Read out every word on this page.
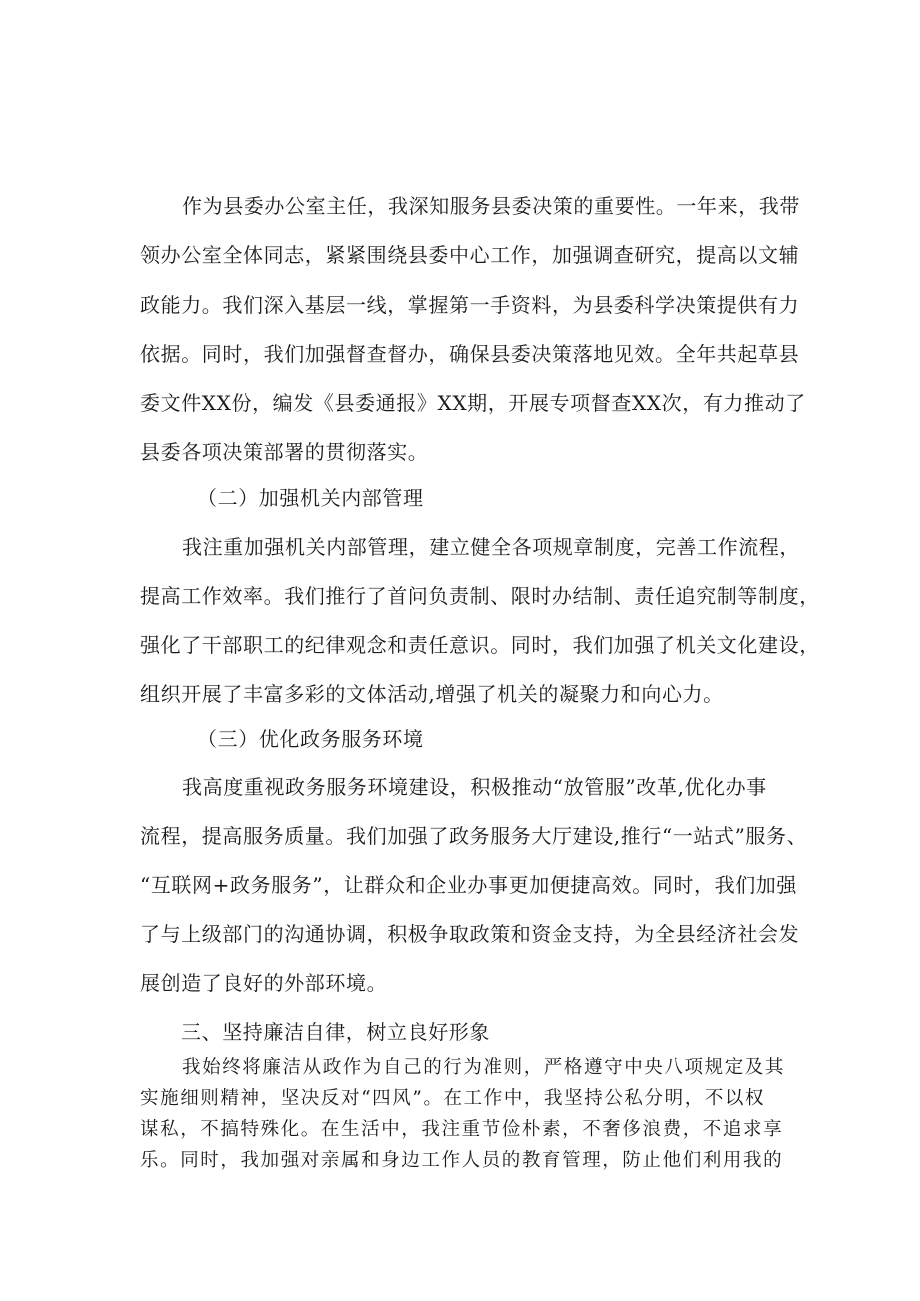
作为县委办公室主任，我深知服务县委决策的重要性。一年来，我带
领办公室全体同志，紧紧围绕县委中心工作，加强调查研究，提高以文辅
政能力。我们深入基层一线，掌握第一手资料，为县委科学决策提供有力
依据。同时，我们加强督查督办，确保县委决策落地见效。全年共起草县
委文件XX份，编发《县委通报》XX期，开展专项督查XX次，有力推动了
县委各项决策部署的贯彻落实。
（二）加强机关内部管理
我注重加强机关内部管理，建立健全各项规章制度，完善工作流程，
提高工作效率。我们推行了首问负责制、限时办结制、责任追究制等制度，
强化了干部职工的纪律观念和责任意识。同时，我们加强了机关文化建设，
组织开展了丰富多彩的文体活动,增强了机关的凝聚力和向心力。
（三）优化政务服务环境
我高度重视政务服务环境建设，积极推动“放管服”改革,优化办事
流程，提高服务质量。我们加强了政务服务大厅建设,推行“一站式”服务、
“互联网+政务服务”，让群众和企业办事更加便捷高效。同时，我们加强
了与上级部门的沟通协调，积极争取政策和资金支持，为全县经济社会发
展创造了良好的外部环境。
三、坚持廉洁自律，树立良好形象
我始终将廉洁从政作为自己的行为准则，严格遵守中央八项规定及其
实施细则精神，坚决反对“四风”。在工作中，我坚持公私分明，不以权
谋私，不搞特殊化。在生活中，我注重节俭朴素，不奢侈浪费，不追求享
乐。同时，我加强对亲属和身边工作人员的教育管理，防止他们利用我的
